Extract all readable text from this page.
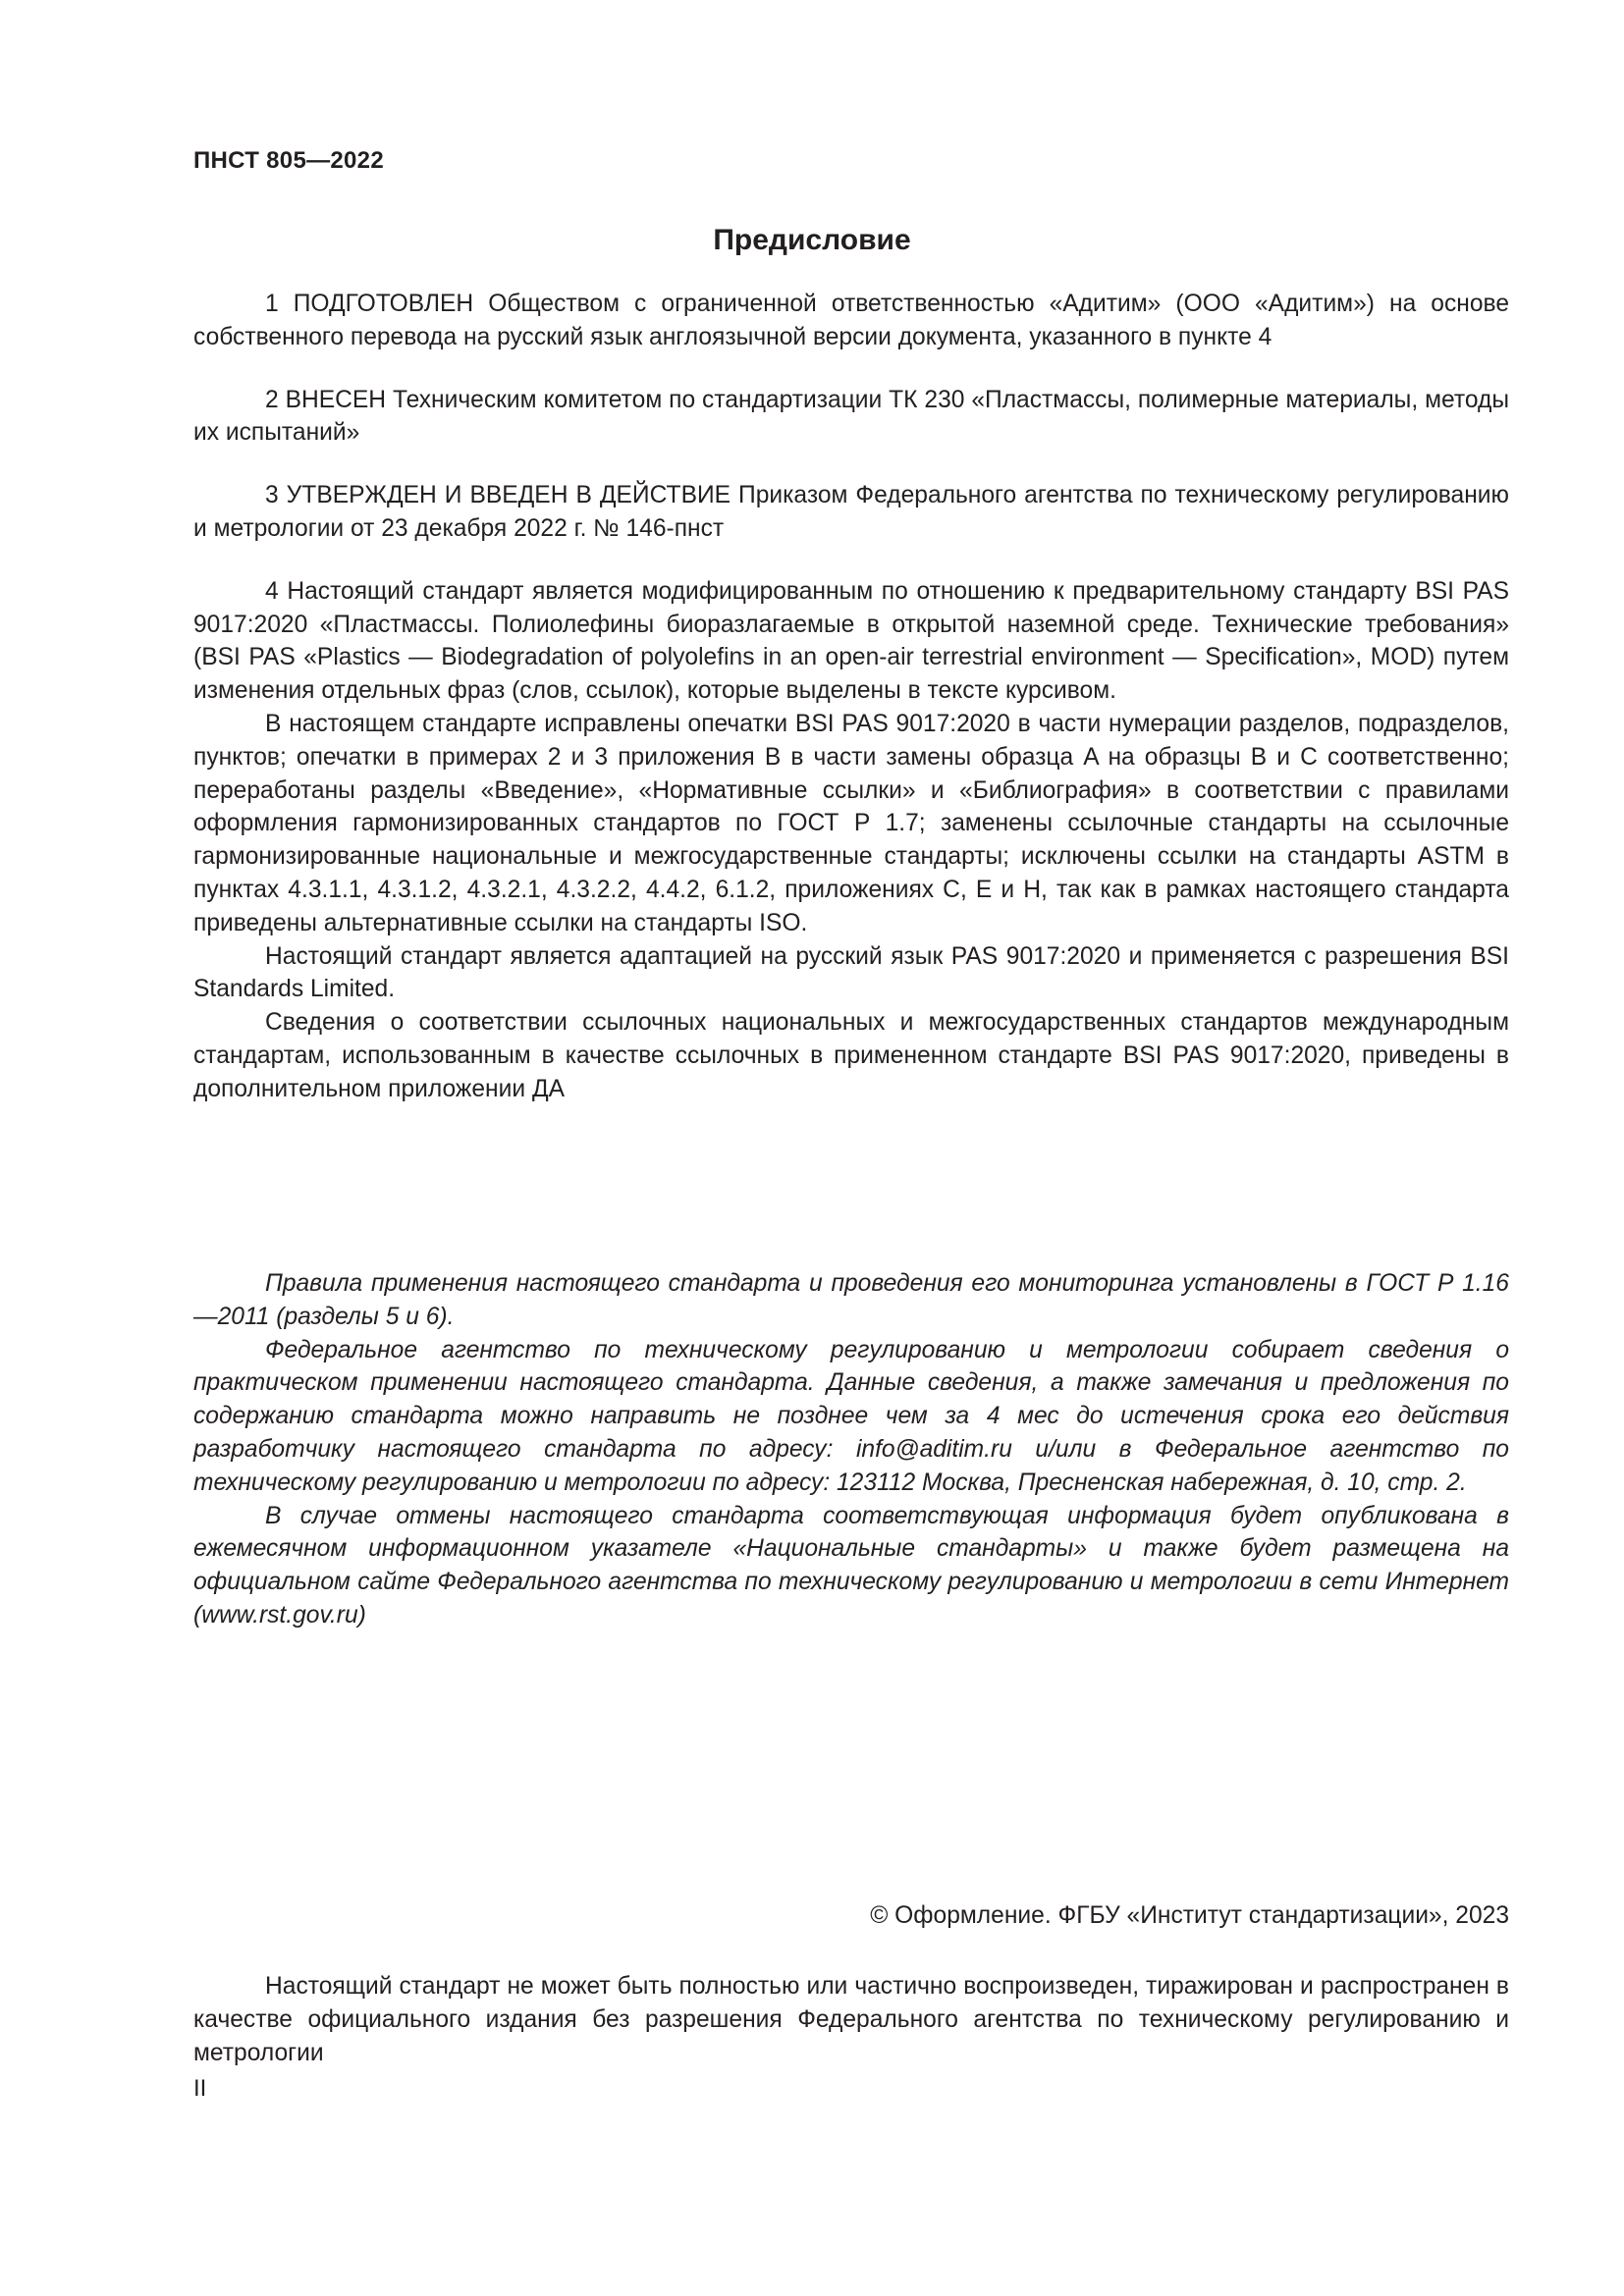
ПНСТ 805—2022
Предисловие

1 ПОДГОТОВЛЕН Обществом с ограниченной ответственностью «Адитим» (ООО «Адитим») на основе собственного перевода на русский язык англоязычной версии документа, указанного в пункте 4

2 ВНЕСЕН Техническим комитетом по стандартизации ТК 230 «Пластмассы, полимерные материалы, методы их испытаний»

3 УТВЕРЖДЕН И ВВЕДЕН В ДЕЙСТВИЕ Приказом Федерального агентства по техническому регулированию и метрологии от 23 декабря 2022 г. № 146-пнст

4 Настоящий стандарт является модифицированным по отношению к предварительному стандарту BSI PAS 9017:2020 «Пластмассы. Полиолефины биоразлагаемые в открытой наземной среде. Технические требования» (BSI PAS «Plastics — Biodegradation of polyolefins in an open-air terrestrial environment — Specification», MOD) путем изменения отдельных фраз (слов, ссылок), которые выделены в тексте курсивом.

В настоящем стандарте исправлены опечатки BSI PAS 9017:2020 в части нумерации разделов, подразделов, пунктов; опечатки в примерах 2 и 3 приложения B в части замены образца A на образцы B и C соответственно; переработаны разделы «Введение», «Нормативные ссылки» и «Библиография» в соответствии с правилами оформления гармонизированных стандартов по ГОСТ Р 1.7; заменены ссылочные стандарты на ссылочные гармонизированные национальные и межгосударственные стандарты; исключены ссылки на стандарты ASTM в пунктах 4.3.1.1, 4.3.1.2, 4.3.2.1, 4.3.2.2, 4.4.2, 6.1.2, приложениях C, E и H, так как в рамках настоящего стандарта приведены альтернативные ссылки на стандарты ISO.

Настоящий стандарт является адаптацией на русский язык PAS 9017:2020 и применяется с разрешения BSI Standards Limited.

Сведения о соответствии ссылочных национальных и межгосударственных стандартов международным стандартам, использованным в качестве ссылочных в примененном стандарте BSI PAS 9017:2020, приведены в дополнительном приложении ДА

Правила применения настоящего стандарта и проведения его мониторинга установлены в ГОСТ Р 1.16—2011 (разделы 5 и 6).

Федеральное агентство по техническому регулированию и метрологии собирает сведения о практическом применении настоящего стандарта. Данные сведения, а также замечания и предложения по содержанию стандарта можно направить не позднее чем за 4 мес до истечения срока его действия разработчику настоящего стандарта по адресу: info@aditim.ru и/или в Федеральное агентство по техническому регулированию и метрологии по адресу: 123112 Москва, Пресненская набережная, д. 10, стр. 2.

В случае отмены настоящего стандарта соответствующая информация будет опубликована в ежемесячном информационном указателе «Национальные стандарты» и также будет размещена на официальном сайте Федерального агентства по техническому регулированию и метрологии в сети Интернет (www.rst.gov.ru)

© Оформление. ФГБУ «Институт стандартизации», 2023

Настоящий стандарт не может быть полностью или частично воспроизведен, тиражирован и распространен в качестве официального издания без разрешения Федерального агентства по техническому регулированию и метрологии

II
